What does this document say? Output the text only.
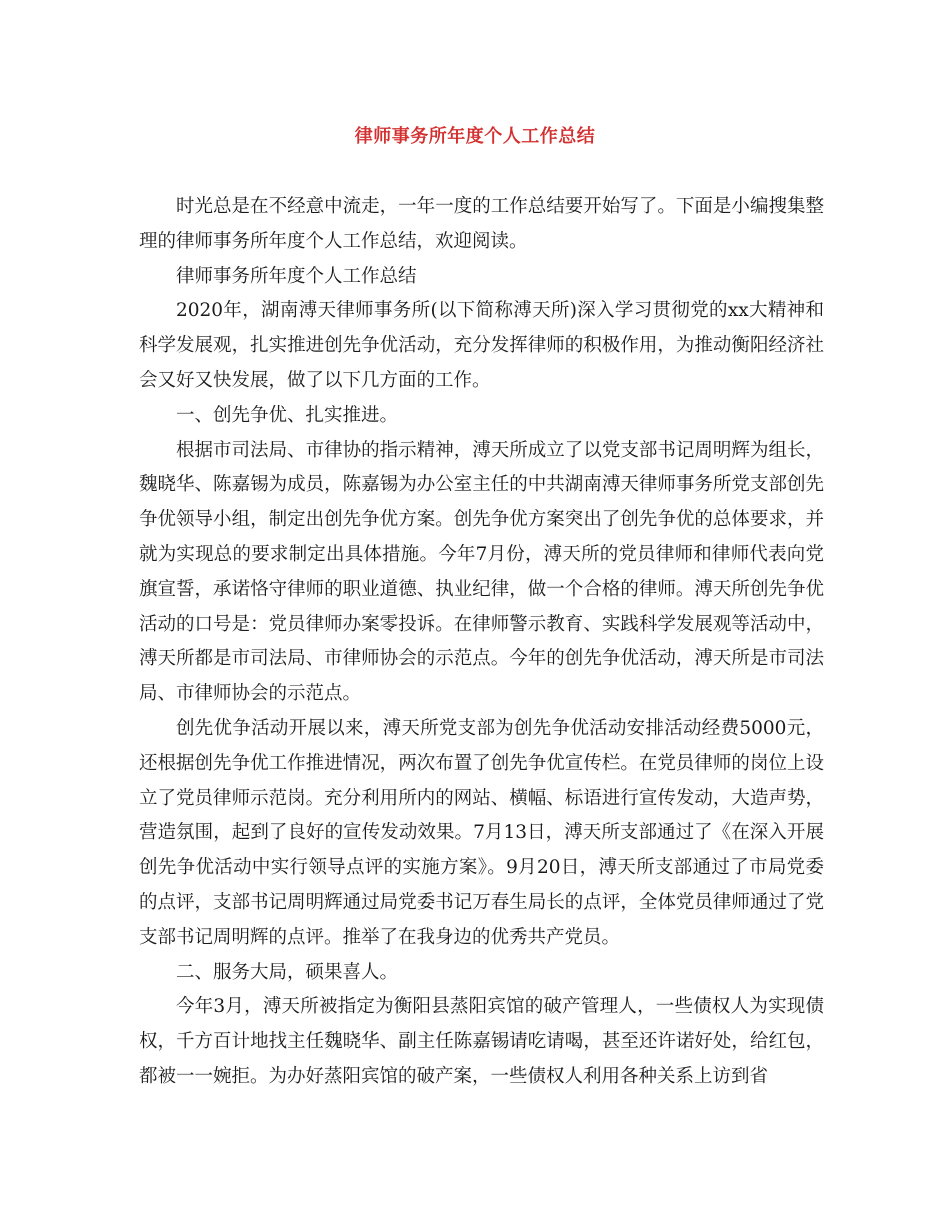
律师事务所年度个人工作总结

时光总是在不经意中流走，一年一度的工作总结要开始写了。下面是小编搜集整理的律师事务所年度个人工作总结，欢迎阅读。

律师事务所年度个人工作总结

2020年，湖南溥天律师事务所(以下简称溥天所)深入学习贯彻党的xx大精神和科学发展观，扎实推进创先争优活动，充分发挥律师的积极作用，为推动衡阳经济社会又好又快发展，做了以下几方面的工作。

一、创先争优、扎实推进。

根据市司法局、市律协的指示精神，溥天所成立了以党支部书记周明辉为组长，魏晓华、陈嘉锡为成员，陈嘉锡为办公室主任的中共湖南溥天律师事务所党支部创先争优领导小组，制定出创先争优方案。创先争优方案突出了创先争优的总体要求，并就为实现总的要求制定出具体措施。今年7月份，溥天所的党员律师和律师代表向党旗宣誓，承诺恪守律师的职业道德、执业纪律，做一个合格的律师。溥天所创先争优活动的口号是：党员律师办案零投诉。在律师警示教育、实践科学发展观等活动中，溥天所都是市司法局、市律师协会的示范点。今年的创先争优活动，溥天所是市司法局、市律师协会的示范点。

创先优争活动开展以来，溥天所党支部为创先争优活动安排活动经费5000元，还根据创先争优工作推进情况，两次布置了创先争优宣传栏。在党员律师的岗位上设立了党员律师示范岗。充分利用所内的网站、横幅、标语进行宣传发动，大造声势，营造氛围，起到了良好的宣传发动效果。7月13日，溥天所支部通过了《在深入开展创先争优活动中实行领导点评的实施方案》。9月20日，溥天所支部通过了市局党委的点评，支部书记周明辉通过局党委书记万春生局长的点评，全体党员律师通过了党支部书记周明辉的点评。推举了在我身边的优秀共产党员。

二、服务大局，硕果喜人。

今年3月，溥天所被指定为衡阳县蒸阳宾馆的破产管理人，一些债权人为实现债权，千方百计地找主任魏晓华、副主任陈嘉锡请吃请喝，甚至还许诺好处，给红包，都被一一婉拒。为办好蒸阳宾馆的破产案，一些债权人利用各种关系上访到省
